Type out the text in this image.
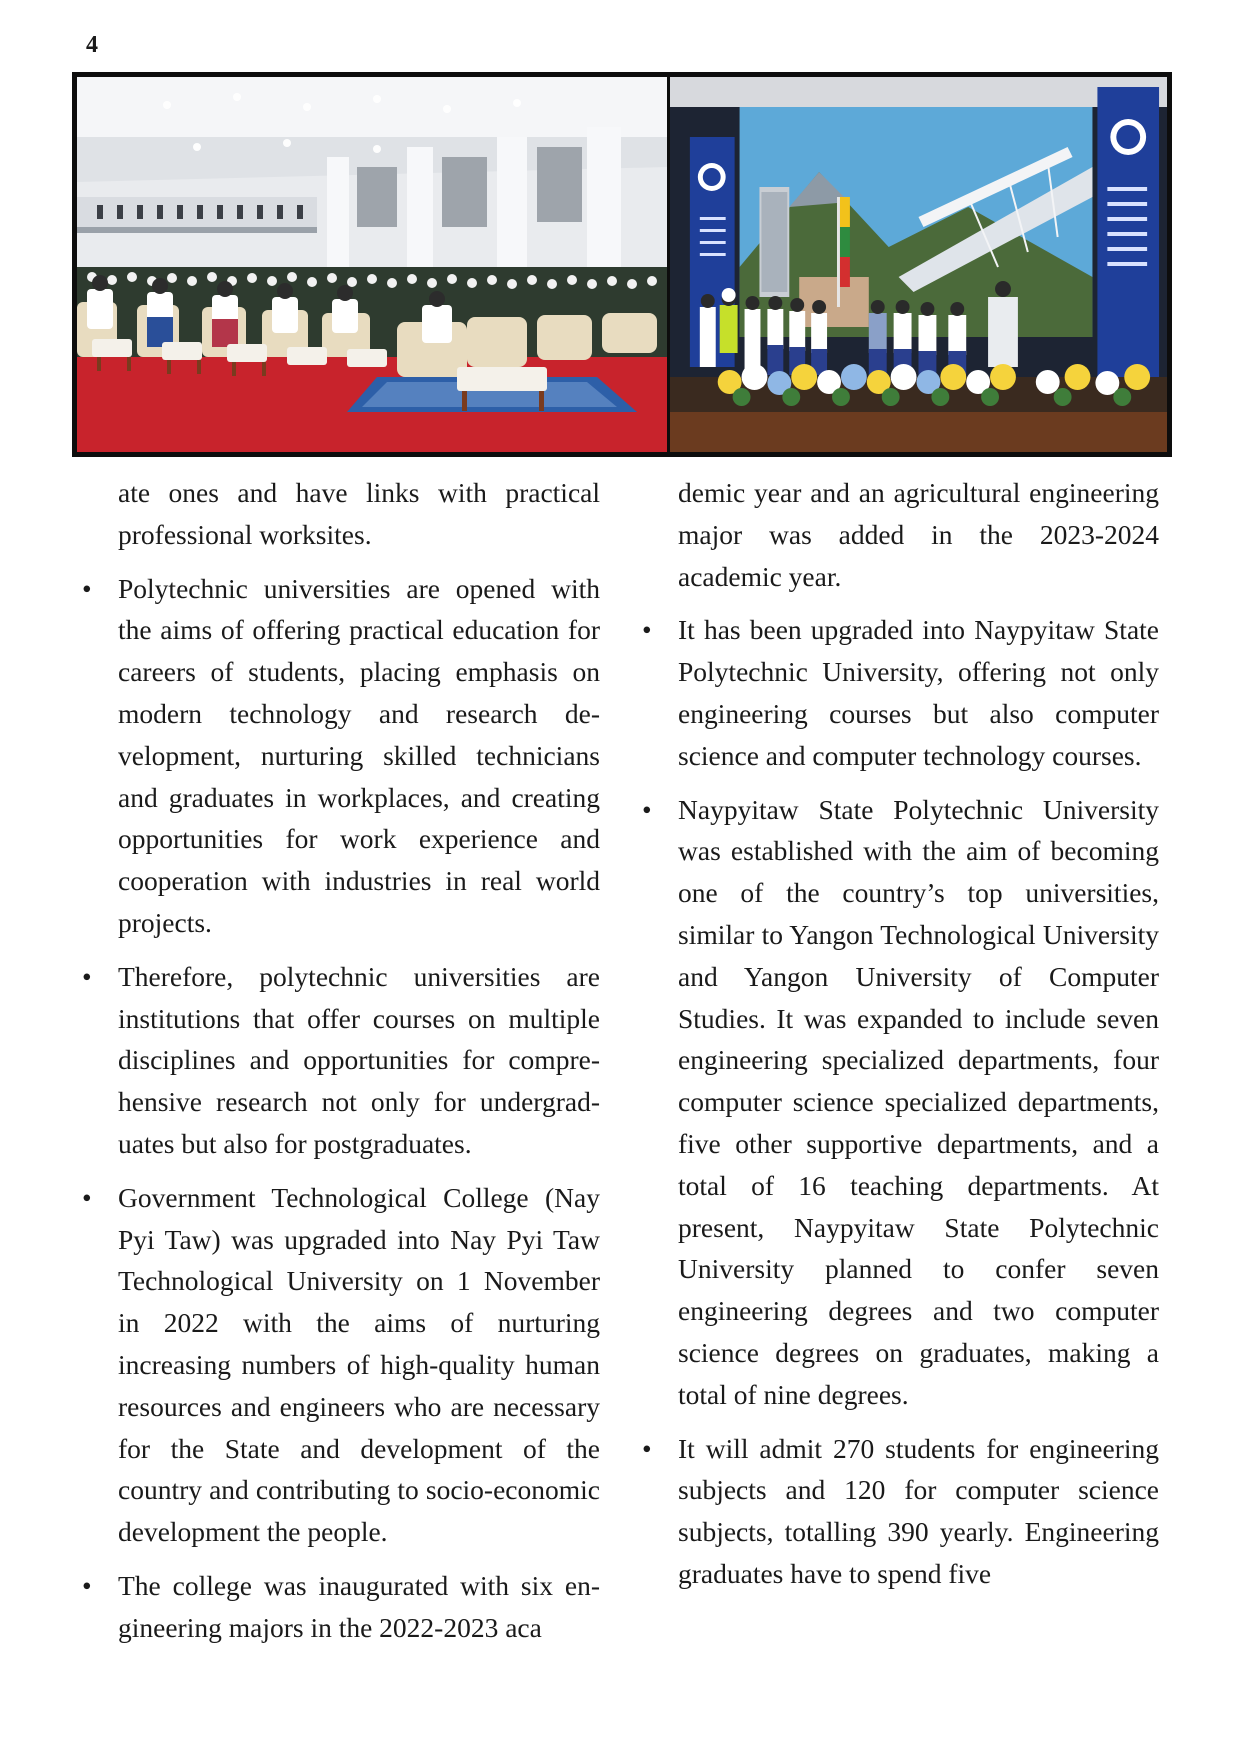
4

ate ones and have links with practical professional worksites.

• Polytechnic universities are opened with the aims of offering practical education for careers of students, placing emphasis on modern technology and research development, nurturing skilled technicians and graduates in workplaces, and creating opportunities for work experience and cooperation with industries in real world projects.
• Therefore, polytechnic universities are institutions that offer courses on multiple disciplines and opportunities for comprehensive research not only for undergraduates but also for postgraduates.
• Government Technological College (Nay Pyi Taw) was upgraded into Nay Pyi Taw Technological University on 1 November in 2022 with the aims of nurturing increasing numbers of high-quality human resources and engineers who are necessary for the State and development of the country and contributing to socio-economic development the people.
• The college was inaugurated with six engineering majors in the 2022-2023 aca

demic year and an agricultural engineering major was added in the 2023-2024 academic year.

• It has been upgraded into Naypyitaw State Polytechnic University, offering not only engineering courses but also computer science and computer technology courses.
• Naypyitaw State Polytechnic University was established with the aim of becoming one of the country’s top universities, similar to Yangon Technological University and Yangon University of Computer Studies. It was expanded to include seven engineering specialized departments, four computer science specialized departments, five other supportive departments, and a total of 16 teaching departments. At present, Naypyitaw State Polytechnic University planned to confer seven engineering degrees and two computer science degrees on graduates, making a total of nine degrees.
• It will admit 270 students for engineering subjects and 120 for computer science subjects, totalling 390 yearly. Engineering graduates have to spend five
